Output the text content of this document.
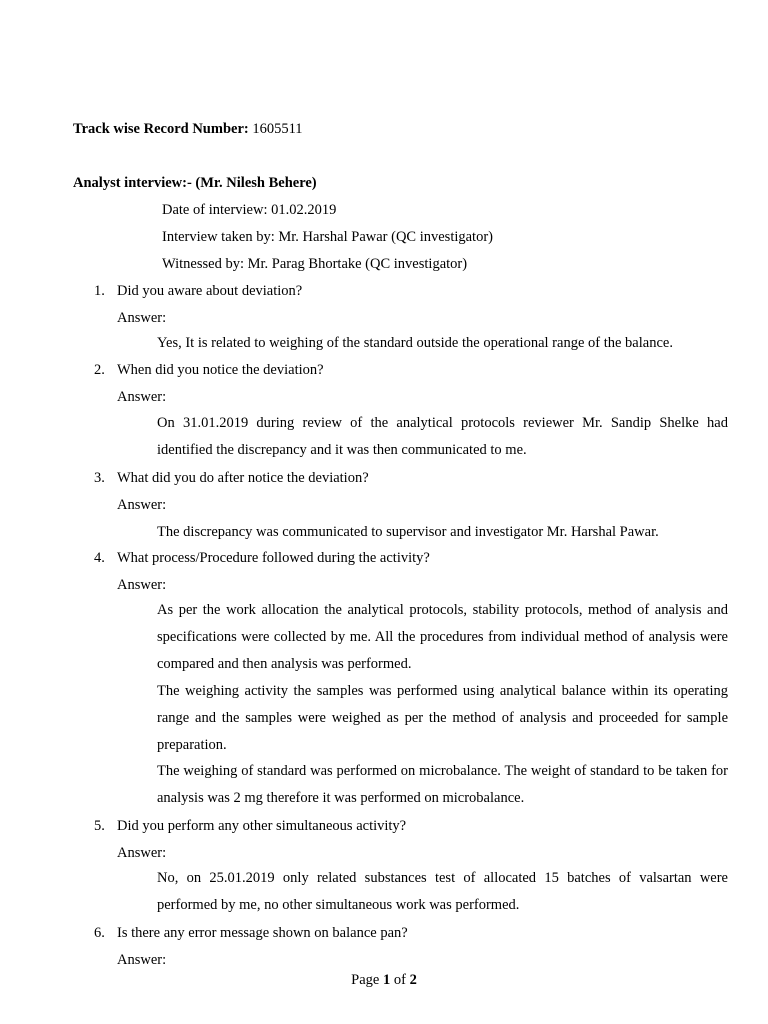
Track wise Record Number: 1605511
Analyst interview:- (Mr. Nilesh Behere)
Date of interview: 01.02.2019
Interview taken by: Mr. Harshal Pawar (QC investigator)
Witnessed by: Mr. Parag Bhortake (QC investigator)
1. Did you aware about deviation?
Answer:
Yes, It is related to weighing of the standard outside the operational range of the balance.
2. When did you notice the deviation?
Answer:
On 31.01.2019 during review of the analytical protocols reviewer Mr. Sandip Shelke had identified the discrepancy and it was then communicated to me.
3. What did you do after notice the deviation?
Answer:
The discrepancy was communicated to supervisor and investigator Mr. Harshal Pawar.
4. What process/Procedure followed during the activity?
Answer:
As per the work allocation the analytical protocols, stability protocols, method of analysis and specifications were collected by me. All the procedures from individual method of analysis were compared and then analysis was performed.
The weighing activity the samples was performed using analytical balance within its operating range and the samples were weighed as per the method of analysis and proceeded for sample preparation.
The weighing of standard was performed on microbalance. The weight of standard to be taken for analysis was 2 mg therefore it was performed on microbalance.
5. Did you perform any other simultaneous activity?
Answer:
No, on 25.01.2019 only related substances test of allocated 15 batches of valsartan were performed by me, no other simultaneous work was performed.
6. Is there any error message shown on balance pan?
Answer:
Page 1 of 2
